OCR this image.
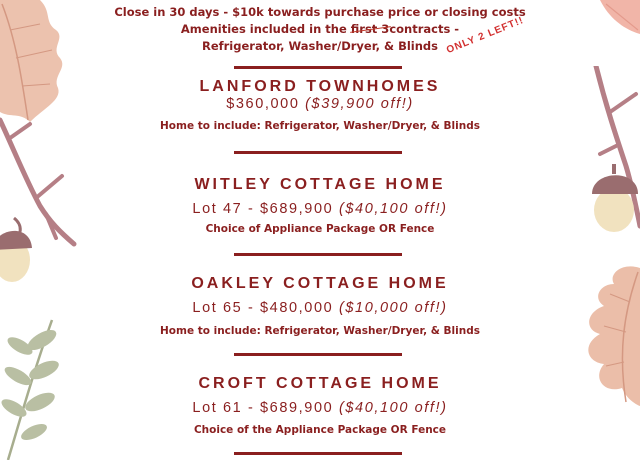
Close in 30 days - $10k towards purchase price or closing costs
Amenities included in the first 3contracts -
Refrigerator, Washer/Dryer, & Blinds ONLY 2 LEFT!!
LANFORD TOWNHOMES
$360,000 ($39,900 off!)
Home to include: Refrigerator, Washer/Dryer, & Blinds
WITLEY COTTAGE HOME
Lot 47 - $689,900 ($40,100 off!)
Choice of Appliance Package OR Fence
OAKLEY COTTAGE HOME
Lot 65 - $480,000 ($10,000 off!)
Home to include: Refrigerator, Washer/Dryer, & Blinds
CROFT COTTAGE HOME
Lot 61 - $689,900 ($40,100 off!)
Choice of the Appliance Package OR Fence
